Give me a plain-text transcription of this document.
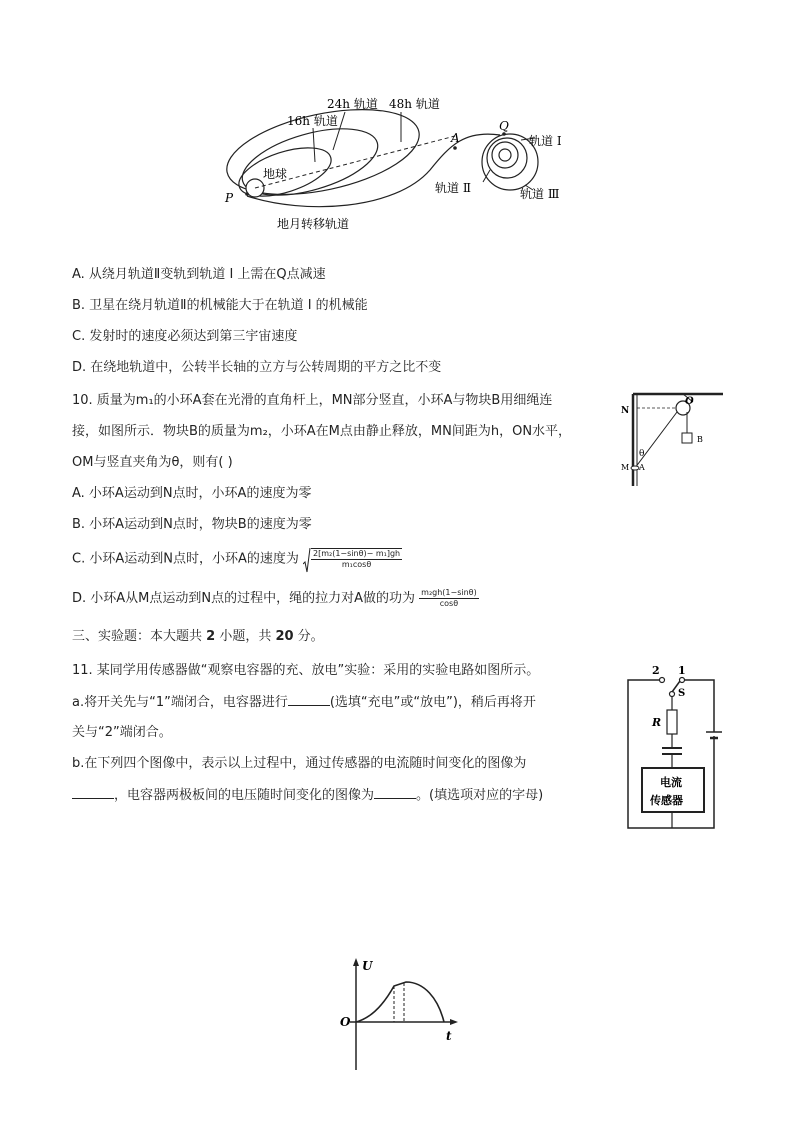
24h 轨道 48h 轨道
16h 轨道
地球
P
A
Q
轨道 I
轨道 Ⅱ	轨道 Ⅲ
地月转移轨道
A. 从绕月轨道Ⅱ变轨到轨道 I 上需在Q点减速
B. 卫星在绕月轨道Ⅱ的机械能大于在轨道 I 的机械能
C. 发射时的速度必须达到第三宇宙速度
D. 在绕地轨道中，公转半长轴的立方与公转周期的平方之比不变
10. 质量为m₁的小环A套在光滑的直角杆上，MN部分竖直，小环A与物块B用细绳连
接，如图所示．物块B的质量为m₂，小环A在M点由静止释放，MN间距为h，ON水平，
OM与竖直夹角为θ，则有( )
A. 小环A运动到N点时，小环A的速度为零
B. 小环A运动到N点时，物块B的速度为零
C. 小环A运动到N点时，小环A的速度为 $\frac{\text{2[m₂(1−sinθ)− m₁]gh}}{\text{m₁cosθ}}$
D. 小环A从M点运动到N点的过程中，绳的拉力对A做的功为 $\frac{\text{m₂gh(1−sinθ)}}{\cos\theta}$
N
O
B
θ
M A
三、实验题：本大题共 2 小题，共 20 分。
11. 某同学用传感器做“观察电容器的充、放电”实验：采用的实验电路如图所示。
a.将开关先与“1”端闭合，电容器进行	(选填“充电”或“放电”)，稍后再将开
关与“2”端闭合。
b.在下列四个图像中，表示以上过程中，通过传感器的电流随时间变化的图像为
，电容器两极板间的电压随时间变化的图像为	。(填选项对应的字母)
2 1
S
R
电流
传感器
U
O
t
